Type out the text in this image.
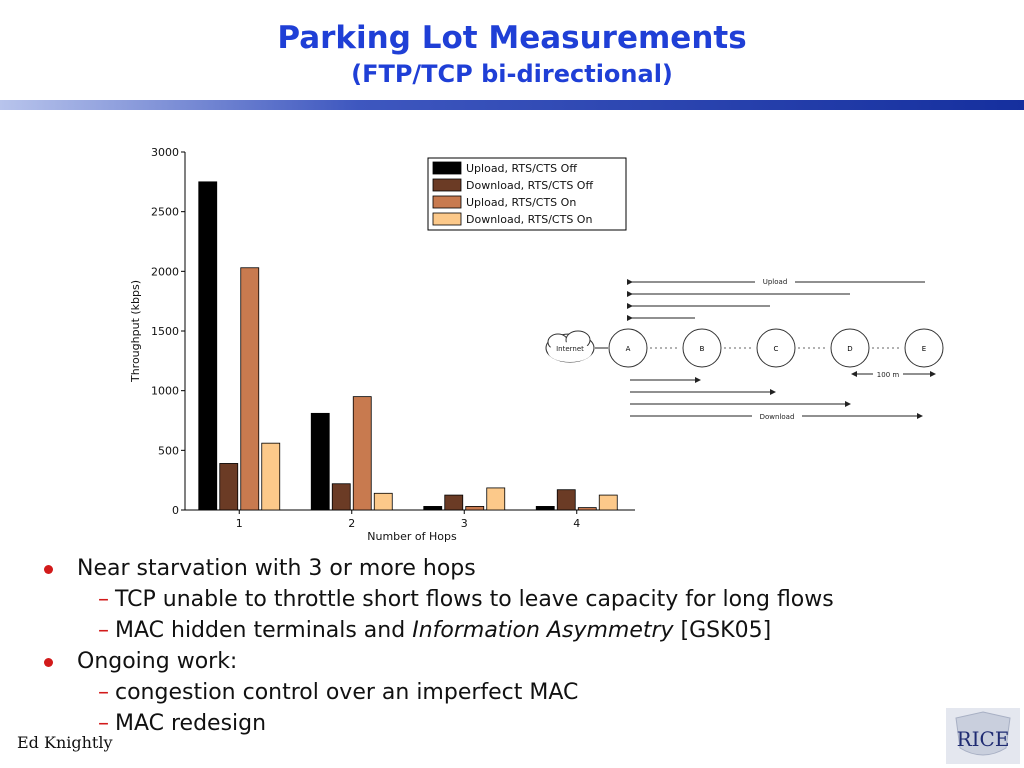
Parking Lot Measurements
(FTP/TCP bi-directional)
0
500
1000
1500
2000
2500
3000
Throughput (kbps)
1	2	3	4
Number of Hops
Upload, RTS/CTS Off
Download, RTS/CTS Off
Upload, RTS/CTS On
Download, RTS/CTS On
Upload
Internet	A	B	C	D	E
100 m
Download
Near starvation with 3 or more hops
– TCP unable to throttle short flows to leave capacity for long flows
– MAC hidden terminals and Information Asymmetry [GSK05]
Ongoing work:
– congestion control over an imperfect MAC
– MAC redesign
Ed Knightly	RICE
